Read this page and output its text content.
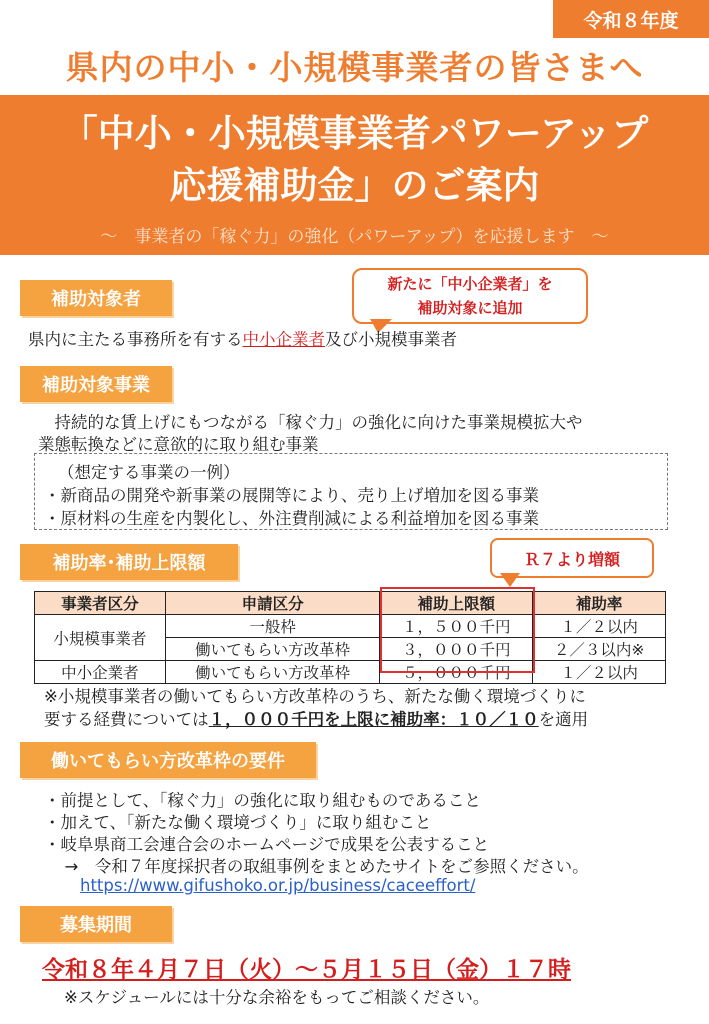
令和８年度
県内の中小・小規模事業者の皆さまへ
「中小・小規模事業者パワーアップ
応援補助金」のご案内
～　事業者の「稼ぐ力」の強化（パワーアップ）を応援します　～
補助対象者
新たに「中小企業者」を
補助対象に追加
県内に主たる事務所を有する中小企業者及び小規模事業者
補助対象事業
　持続的な賃上げにもつながる「稼ぐ力」の強化に向けた事業規模拡大や
業態転換などに意欲的に取り組む事業
（想定する事業の一例）
・新商品の開発や新事業の展開等により、売り上げ増加を図る事業
・原材料の生産を内製化し、外注費削減による利益増加を図る事業
補助率･補助上限額	Ｒ７より増額
事業者区分	申請区分	補助上限額	補助率
小規模事業者	一般枠	１，５００千円	１／２以内
	働いてもらい方改革枠	３，０００千円	２／３以内※
中小企業者	働いてもらい方改革枠	５，０００千円	１／２以内
※小規模事業者の働いてもらい方改革枠のうち、新たな働く環境づくりに
要する経費については１，０００千円を上限に補助率：１０／１０を適用
働いてもらい方改革枠の要件
・前提として、「稼ぐ力」の強化に取り組むものであること
・加えて、「新たな働く環境づくり」に取り組むこと
・岐阜県商工会連合会のホームページで成果を公表すること
　→　令和７年度採択者の取組事例をまとめたサイトをご参照ください。
https://www.gifushoko.or.jp/business/caceeffort/
募集期間
令和８年４月７日（火）～５月１５日（金）１７時
※スケジュールには十分な余裕をもってご相談ください。
